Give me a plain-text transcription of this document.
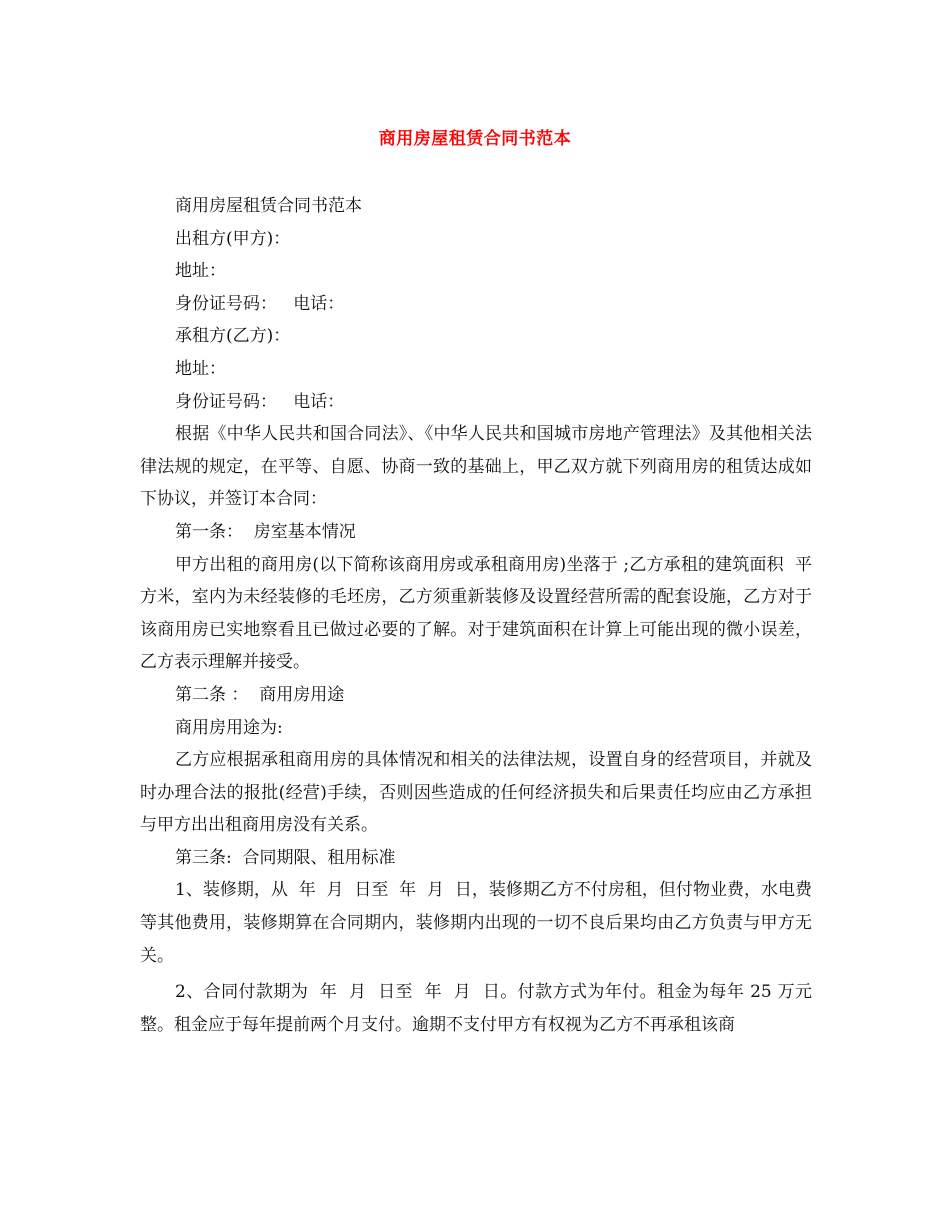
商用房屋租赁合同书范本

商用房屋租赁合同书范本

出租方(甲方)：

地址：

身份证号码：   电话：

承租方(乙方)：

地址：

身份证号码：   电话：

根据《中华人民共和国合同法》、《中华人民共和国城市房地产管理法》及其他相关法律法规的规定，在平等、自愿、协商一致的基础上，甲乙双方就下列商用房的租赁达成如下协议，并签订本合同：

第一条：  房室基本情况

甲方出租的商用房(以下简称该商用房或承租商用房)坐落于 ;乙方承租的建筑面积  平方米，室内为未经装修的毛坯房，乙方须重新装修及设置经营所需的配套设施，乙方对于该商用房已实地察看且已做过必要的了解。对于建筑面积在计算上可能出现的微小误差，乙方表示理解并接受。

第二条 ：  商用房用途

商用房用途为:

乙方应根据承租商用房的具体情况和相关的法律法规，设置自身的经营项目，并就及时办理合法的报批(经营)手续，否则因些造成的任何经济损失和后果责任均应由乙方承担与甲方出出租商用房没有关系。

第三条:  合同期限、租用标准

1、装修期，从  年  月  日至  年  月  日，装修期乙方不付房租，但付物业费，水电费等其他费用，装修期算在合同期内，装修期内出现的一切不良后果均由乙方负责与甲方无关。

2、合同付款期为  年  月  日至  年  月  日。付款方式为年付。租金为每年 25 万元整。租金应于每年提前两个月支付。逾期不支付甲方有权视为乙方不再承租该商
